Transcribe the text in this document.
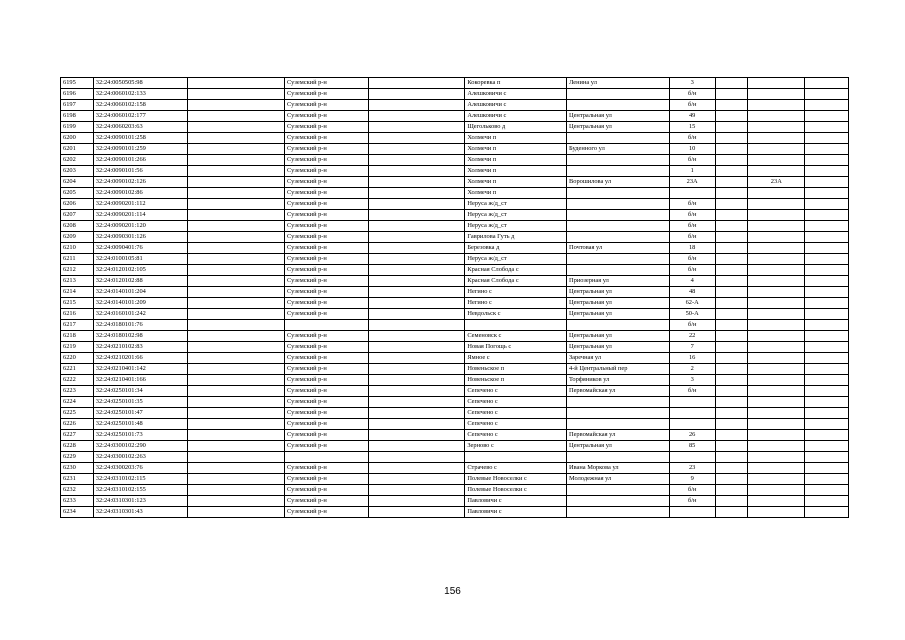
6195	32:24:0050505:98		Суземский р-н		Кокоревка п	Ленина ул	3			
6196	32:24:0060102:133		Суземский р-н		Алешковичи с		б/н			
6197	32:24:0060102:158		Суземский р-н		Алешковичи с		б/н			
6198	32:24:0060102:177		Суземский р-н		Алешковичи с	Центральная ул	49			
6199	32:24:0060203:63		Суземский р-н		Щегольково д	Центральная ул	15			
6200	32:24:0090101:258		Суземский р-н		Холмечи п		б/н			
6201	32:24:0090101:259		Суземский р-н		Холмечи п	Буденного ул	10			
6202	32:24:0090101:266		Суземский р-н		Холмечи п		б/н			
6203	32:24:0090101:56		Суземский р-н		Холмечи п		1			
6204	32:24:0090102:126		Суземский р-н		Холмечи п	Ворошилова ул	23А		23А	
6205	32:24:0090102:86		Суземский р-н		Холмечи п					
6206	32:24:0090201:112		Суземский р-н		Неруса ж/д_ст		б/н			
6207	32:24:0090201:114		Суземский р-н		Неруса ж/д_ст		б/н			
6208	32:24:0090201:120		Суземский р-н		Неруса ж/д_ст		б/н			
6209	32:24:0090301:126		Суземский р-н		Гавриловa Гуть д		б/н			
6210	32:24:0090401:76		Суземский р-н		Березовка д	Почтовая ул	18			
6211	32:24:0100105:81		Суземский р-н		Неруса ж/д_ст		б/н			
6212	32:24:0120102:105		Суземский р-н		Красная Слобода с		б/н			
6213	32:24:0120102:88		Суземский р-н		Красная Слобода с	Приозерная ул	4			
6214	32:24:0140101:204		Суземский р-н		Негино с	Центральная ул	48			
6215	32:24:0140101:209		Суземский р-н		Негино с	Центральная ул	62-А			
6216	32:24:0160101:242		Суземский р-н		Невдольск с	Центральная ул	50-А			
6217	32:24:0180101:76						б/н			
6218	32:24:0180102:98		Суземский р-н		Семеновск с	Центральная ул	22			
6219	32:24:0210102:83		Суземский р-н		Новая Погощь с	Центральная ул	7			
6220	32:24:0210201:66		Суземский р-н		Ямное с	Заречная ул	16			
6221	32:24:0210401:142		Суземский р-н		Новеньское п	4-й Центральный пер	2			
6222	32:24:0210401:166		Суземский р-н		Новеньское п	Торфяников ул	3			
6223	32:24:0250101:34		Суземский р-н		Сепечено с	Первомайская ул	б/н			
6224	32:24:0250101:35		Суземский р-н		Сепечено с					
6225	32:24:0250101:47		Суземский р-н		Сепечено с					
6226	32:24:0250101:48		Суземский р-н		Сепечено с					
6227	32:24:0250101:73		Суземский р-н		Сепечено с	Первомайская ул	26			
6228	32:24:0300102:290		Суземский р-н		Зерново с	Центральная ул	85			
6229	32:24:0300102:263									
6230	32:24:0300203:76		Суземский р-н		Страчево с	Ивана Моркова ул	23			
6231	32:24:0310102:115		Суземский р-н		Полевые Новоселки с	Молодежная ул	9			
6232	32:24:0310102:155		Суземский р-н		Полевые Новоселки с		б/н			
6233	32:24:0310301:123		Суземский р-н		Павловичи с		б/н			
6234	32:24:0310301:43		Суземский р-н		Павловичи с					
156
